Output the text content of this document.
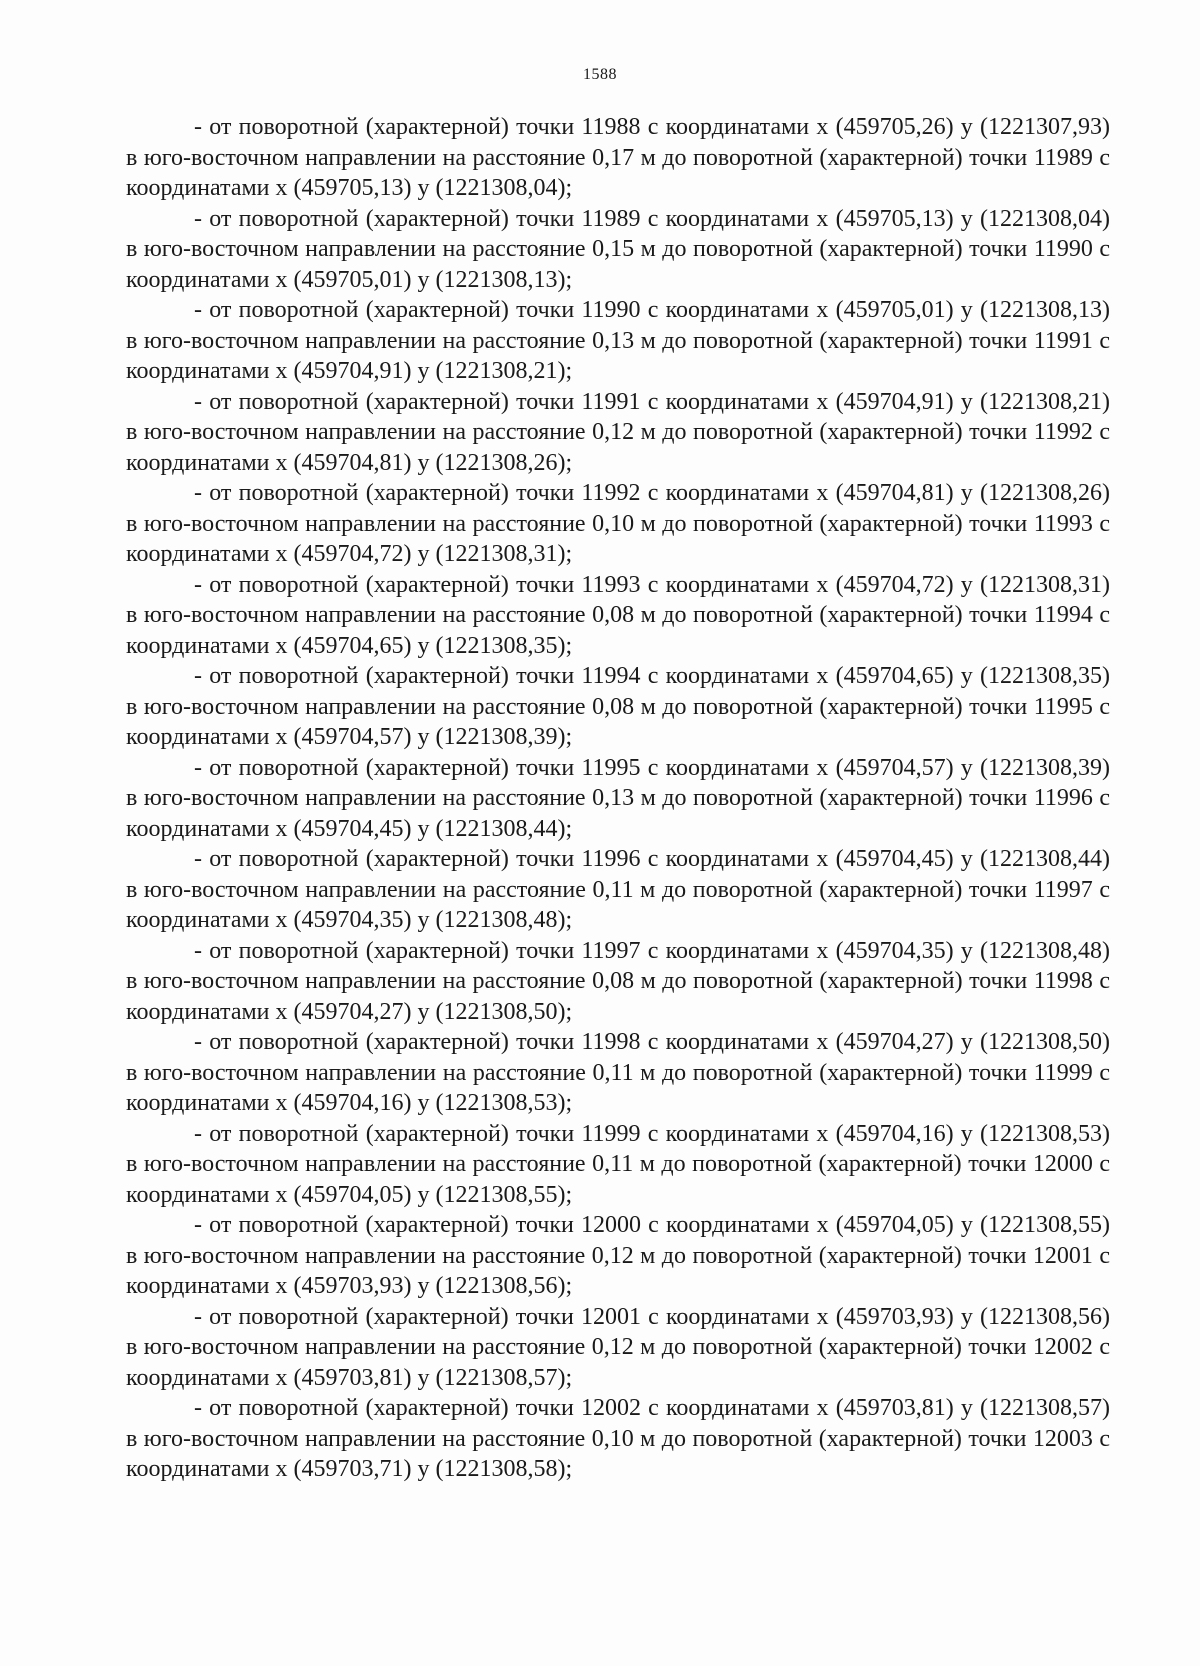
1588

- от поворотной (характерной) точки 11988 с координатами x (459705,26) y (1221307,93) в юго-восточном направлении на расстояние 0,17 м до поворотной (характерной) точки 11989 с координатами x (459705,13) y (1221308,04);

- от поворотной (характерной) точки 11989 с координатами x (459705,13) y (1221308,04) в юго-восточном направлении на расстояние 0,15 м до поворотной (характерной) точки 11990 с координатами x (459705,01) y (1221308,13);

- от поворотной (характерной) точки 11990 с координатами x (459705,01) y (1221308,13) в юго-восточном направлении на расстояние 0,13 м до поворотной (характерной) точки 11991 с координатами x (459704,91) y (1221308,21);

- от поворотной (характерной) точки 11991 с координатами x (459704,91) y (1221308,21) в юго-восточном направлении на расстояние 0,12 м до поворотной (характерной) точки 11992 с координатами x (459704,81) y (1221308,26);

- от поворотной (характерной) точки 11992 с координатами x (459704,81) y (1221308,26) в юго-восточном направлении на расстояние 0,10 м до поворотной (характерной) точки 11993 с координатами x (459704,72) y (1221308,31);

- от поворотной (характерной) точки 11993 с координатами x (459704,72) y (1221308,31) в юго-восточном направлении на расстояние 0,08 м до поворотной (характерной) точки 11994 с координатами x (459704,65) y (1221308,35);

- от поворотной (характерной) точки 11994 с координатами x (459704,65) y (1221308,35) в юго-восточном направлении на расстояние 0,08 м до поворотной (характерной) точки 11995 с координатами x (459704,57) y (1221308,39);

- от поворотной (характерной) точки 11995 с координатами x (459704,57) y (1221308,39) в юго-восточном направлении на расстояние 0,13 м до поворотной (характерной) точки 11996 с координатами x (459704,45) y (1221308,44);

- от поворотной (характерной) точки 11996 с координатами x (459704,45) y (1221308,44) в юго-восточном направлении на расстояние 0,11 м до поворотной (характерной) точки 11997 с координатами x (459704,35) y (1221308,48);

- от поворотной (характерной) точки 11997 с координатами x (459704,35) y (1221308,48) в юго-восточном направлении на расстояние 0,08 м до поворотной (характерной) точки 11998 с координатами x (459704,27) y (1221308,50);

- от поворотной (характерной) точки 11998 с координатами x (459704,27) y (1221308,50) в юго-восточном направлении на расстояние 0,11 м до поворотной (характерной) точки 11999 с координатами x (459704,16) y (1221308,53);

- от поворотной (характерной) точки 11999 с координатами x (459704,16) y (1221308,53) в юго-восточном направлении на расстояние 0,11 м до поворотной (характерной) точки 12000 с координатами x (459704,05) y (1221308,55);

- от поворотной (характерной) точки 12000 с координатами x (459704,05) y (1221308,55) в юго-восточном направлении на расстояние 0,12 м до поворотной (характерной) точки 12001 с координатами x (459703,93) y (1221308,56);

- от поворотной (характерной) точки 12001 с координатами x (459703,93) y (1221308,56) в юго-восточном направлении на расстояние 0,12 м до поворотной (характерной) точки 12002 с координатами x (459703,81) y (1221308,57);

- от поворотной (характерной) точки 12002 с координатами x (459703,81) y (1221308,57) в юго-восточном направлении на расстояние 0,10 м до поворотной (характерной) точки 12003 с координатами x (459703,71) y (1221308,58);
